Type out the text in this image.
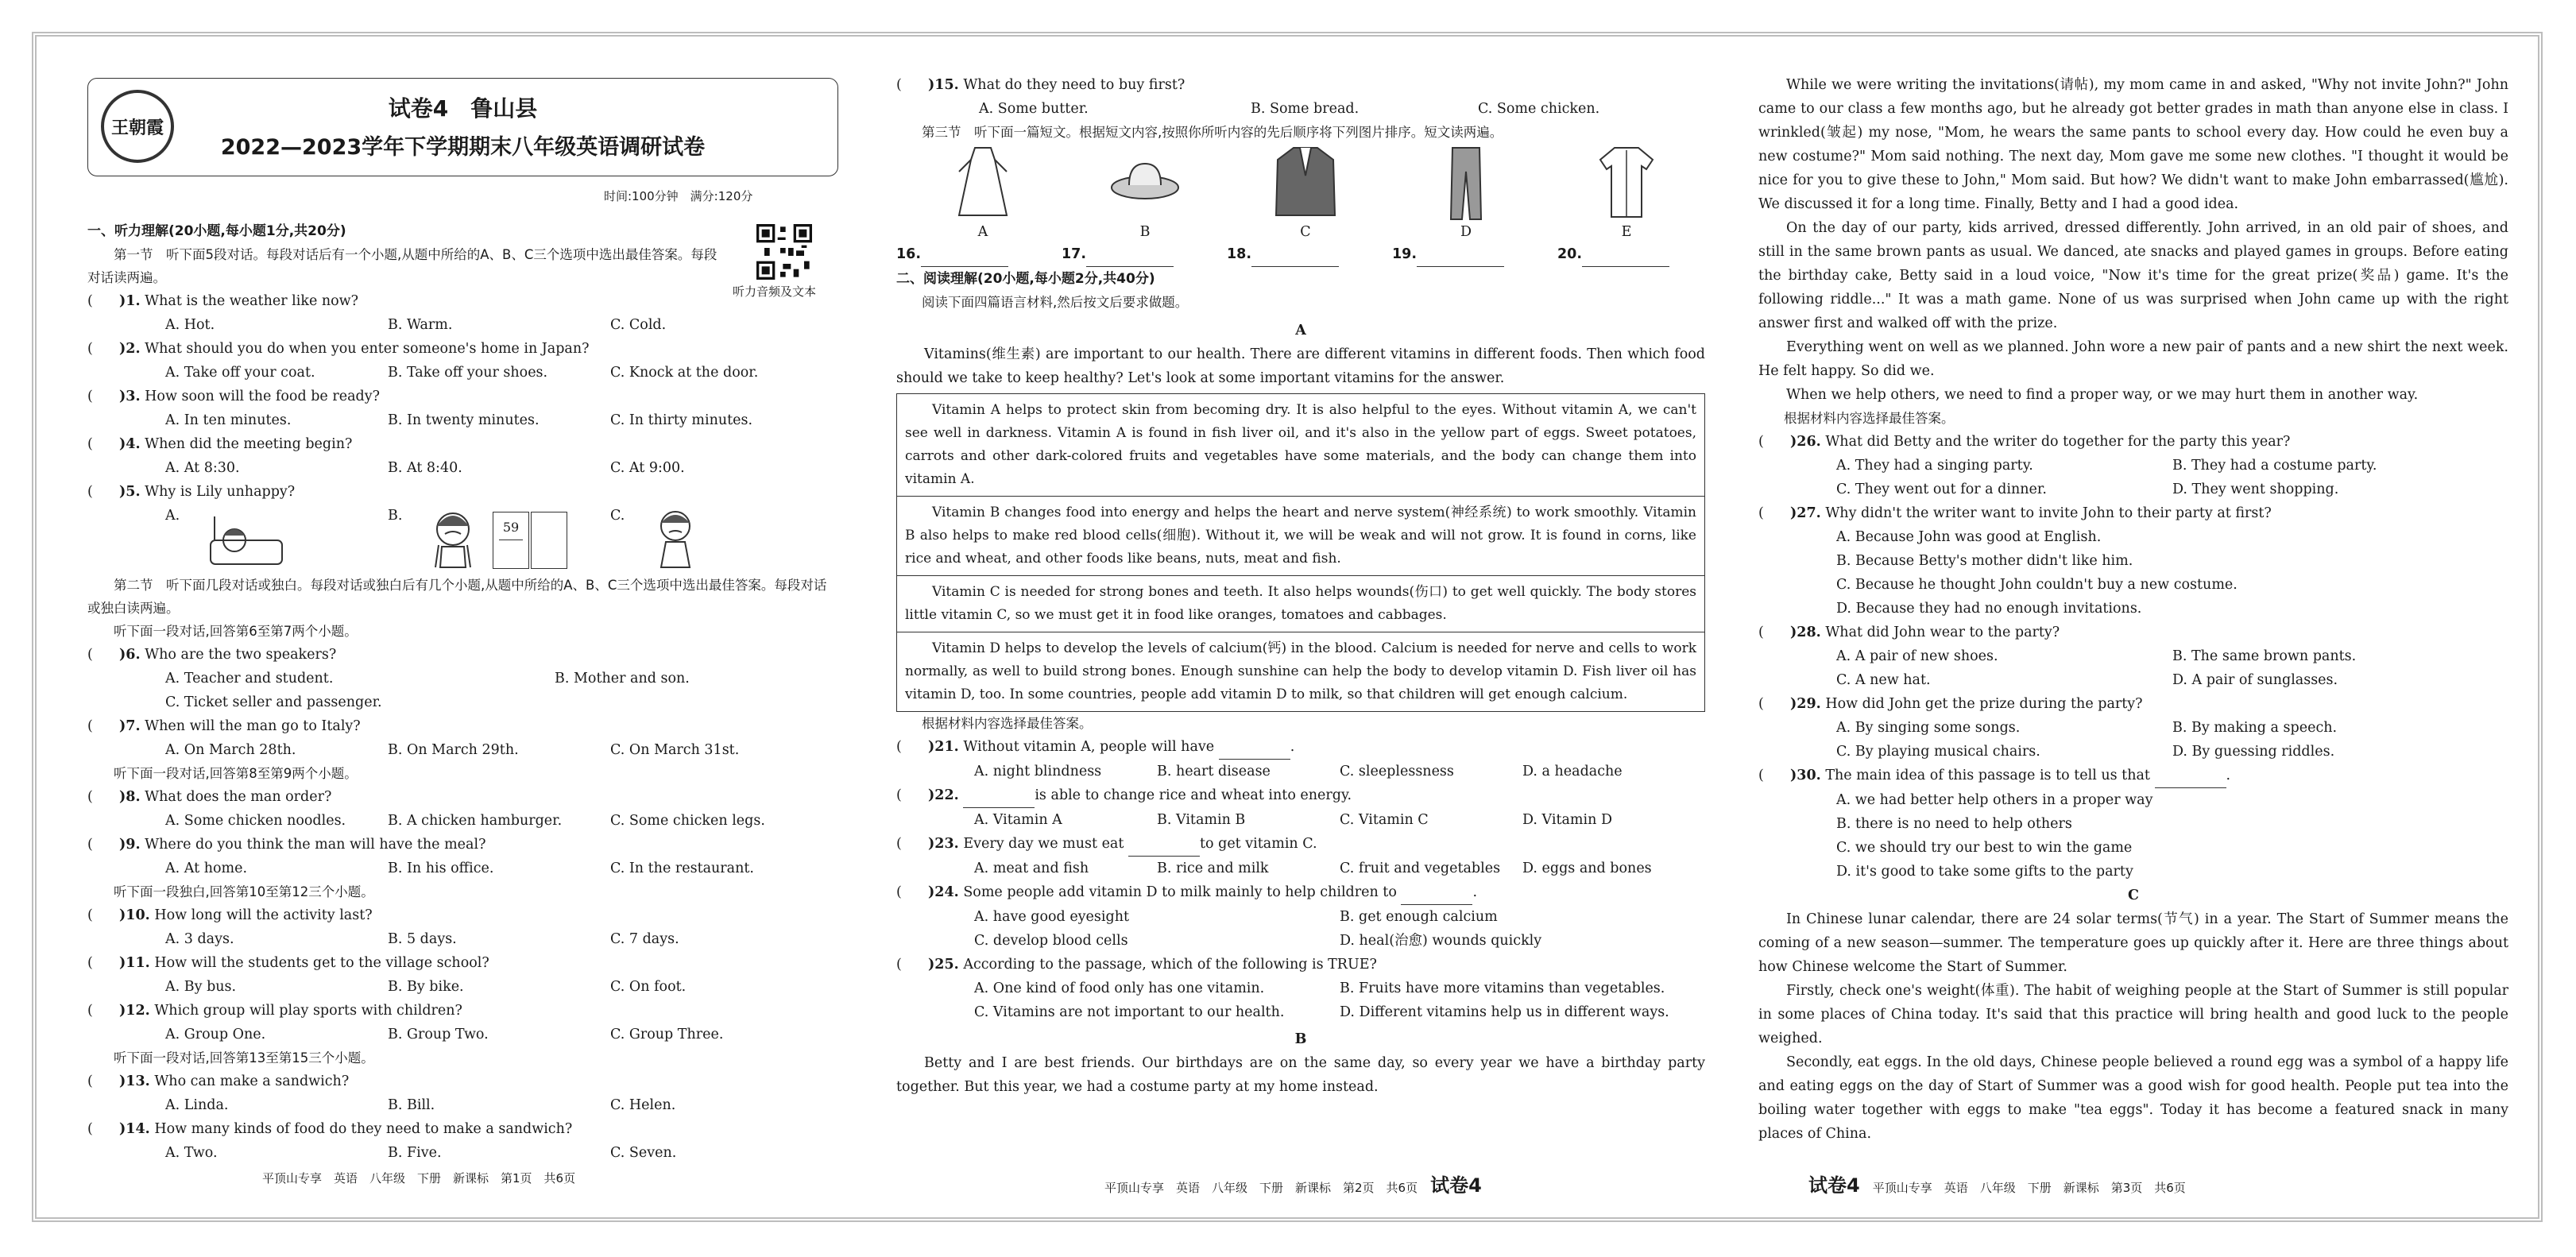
王朝霞
试卷4　鲁山县
2022—2023学年下学期期末八年级英语调研试卷
时间:100分钟　满分:120分
听力音频及文本
一、听力理解(20小题,每小题1分,共20分)
第一节　听下面5段对话。每段对话后有一个小题,从题中所给的A、B、C三个选项中选出最佳答案。每段对话读两遍。
(	)1.
What is the weather like now?
A. Hot.	B. Warm.	C. Cold.
(	)2.
What should you do when you enter someone's home in Japan?
A. Take off your coat.	B. Take off your shoes.	C. Knock at the door.
(	)3.
How soon will the food be ready?
A. In ten minutes.	B. In twenty minutes.	C. In thirty minutes.
(	)4.
When did the meeting begin?
A. At 8:30.	B. At 8:40.	C. At 9:00.
(	)5.
Why is Lily unhappy?
A.	B.
59
C.
第二节　听下面几段对话或独白。每段对话或独白后有几个小题,从题中所给的A、B、C三个选项中选出最佳答案。每段对话或独白读两遍。
听下面一段对话,回答第6至第7两个小题。
(	)6.
Who are the two speakers?
A. Teacher and student.	B. Mother and son.
C. Ticket seller and passenger.
(	)7.
When will the man go to Italy?
A. On March 28th.	B. On March 29th.	C. On March 31st.
听下面一段对话,回答第8至第9两个小题。
(	)8.
What does the man order?
A. Some chicken noodles.	B. A chicken hamburger.	C. Some chicken legs.
(	)9.
Where do you think the man will have the meal?
A. At home.	B. In his office.	C. In the restaurant.
听下面一段独白,回答第10至第12三个小题。
(	)10.
How long will the activity last?
A. 3 days.	B. 5 days.	C. 7 days.
(	)11.
How will the students get to the village school?
A. By bus.	B. By bike.	C. On foot.
(	)12.
Which group will play sports with children?
A. Group One.	B. Group Two.	C. Group Three.
听下面一段对话,回答第13至第15三个小题。
(	)13.
Who can make a sandwich?
A. Linda.	B. Bill.	C. Helen.
(	)14.
How many kinds of food do they need to make a sandwich?
A. Two.	B. Five.	C. Seven.
平顶山专享　英语　八年级　下册　新课标　第1页　共6页
(	)15.
What do they need to buy first?
A. Some butter.	B. Some bread.	C. Some chicken.
第三节　听下面一篇短文。根据短文内容,按照你所听内容的先后顺序将下列图片排序。短文读两遍。
A	B	C	D	E
16.	17.	18.	19.	20.
二、阅读理解(20小题,每小题2分,共40分)
阅读下面四篇语言材料,然后按文后要求做题。
A

Vitamins(维生素) are important to our health. There are different vitamins in different foods. Then which food should we take to keep healthy? Let's look at some important vitamins for the answer.

Vitamin A helps to protect skin from becoming dry. It is also helpful to the eyes. Without vitamin A, we can't see well in darkness. Vitamin A is found in fish liver oil, and it's also in the yellow part of eggs. Sweet potatoes, carrots and other dark-colored fruits and vegetables have some materials, and the body can change them into vitamin A.
Vitamin B changes food into energy and helps the heart and nerve system(神经系统) to work smoothly. Vitamin B also helps to make red blood cells(细胞). Without it, we will be weak and will not grow. It is found in corns, like rice and wheat, and other foods like beans, nuts, meat and fish.
Vitamin C is needed for strong bones and teeth. It also helps wounds(伤口) to get well quickly. The body stores little vitamin C, so we must get it in food like oranges, tomatoes and cabbages.
Vitamin D helps to develop the levels of calcium(钙) in the blood. Calcium is needed for nerve and cells to work normally, as well to build strong bones. Enough sunshine can help the body to develop vitamin D. Fish liver oil has vitamin D, too. In some countries, people add vitamin D to milk, so that children will get enough calcium.
根据材料内容选择最佳答案。
(	)21.
Without vitamin A, people will have

	.
A. night blindness	B. heart disease	C. sleeplessness	D. a headache
(	)22.

	is able to change rice and wheat into energy.
A. Vitamin A	B. Vitamin B	C. Vitamin C	D. Vitamin D
(	)23.
Every day we must eat

	to get vitamin C.
A. meat and fish	B. rice and milk	C. fruit and vegetables	D. eggs and bones
(	)24.
Some people add vitamin D to milk mainly to help children to

	.
A. have good eyesight	B. get enough calcium
C. develop blood cells	D. heal(治愈) wounds quickly
(	)25.
According to the passage, which of the following is TRUE?
A. One kind of food only has one vitamin.	B. Fruits have more vitamins than vegetables.
C. Vitamins are not important to our health.	D. Different vitamins help us in different ways.
B

Betty and I are best friends. Our birthdays are on the same day, so every year we have a birthday party together. But this year, we had a costume party at my home instead.

平顶山专享　英语　八年级　下册　新课标　第2页　共6页 试卷4

While we were writing the invitations(请帖), my mom came in and asked, "Why not invite John?" John came to our class a few months ago, but he already got better grades in math than anyone else in class. I wrinkled(皱起) my nose, "Mom, he wears the same pants to school every day. How could he even buy a new costume?" Mom said nothing. The next day, Mom gave me some new clothes. "I thought it would be nice for you to give these to John," Mom said. But how? We didn't want to make John embarrassed(尴尬). We discussed it for a long time. Finally, Betty and I had a good idea.

On the day of our party, kids arrived, dressed differently. John arrived, in an old pair of shoes, and still in the same brown pants as usual. We danced, ate snacks and played games in groups. Before eating the birthday cake, Betty said in a loud voice, "Now it's time for the great prize(奖品) game. It's the following riddle..." It was a math game. None of us was surprised when John came up with the right answer first and walked off with the prize.

Everything went on well as we planned. John wore a new pair of pants and a new shirt the next week. He felt happy. So did we.

When we help others, we need to find a proper way, or we may hurt them in another way.

根据材料内容选择最佳答案。
(	)26.
What did Betty and the writer do together for the party this year?
A. They had a singing party.	B. They had a costume party.
C. They went out for a dinner.	D. They went shopping.
(	)27.
Why didn't the writer want to invite John to their party at first?
A. Because John was good at English.
B. Because Betty's mother didn't like him.
C. Because he thought John couldn't buy a new costume.
D. Because they had no enough invitations.
(	)28.
What did John wear to the party?
A. A pair of new shoes.	B. The same brown pants.
C. A new hat.	D. A pair of sunglasses.
(	)29.
How did John get the prize during the party?
A. By singing some songs.	B. By making a speech.
C. By playing musical chairs.	D. By guessing riddles.
(	)30.
The main idea of this passage is to tell us that

	.
A. we had better help others in a proper way
B. there is no need to help others
C. we should try our best to win the game
D. it's good to take some gifts to the party
C

In Chinese lunar calendar, there are 24 solar terms(节气) in a year. The Start of Summer means the coming of a new season—summer. The temperature goes up quickly after it. Here are three things about how Chinese welcome the Start of Summer.

Firstly, check one's weight(体重). The habit of weighing people at the Start of Summer is still popular in some places of China today. It's said that this practice will bring health and good luck to the people weighed.

Secondly, eat eggs. In the old days, Chinese people believed a round egg was a symbol of a happy life and eating eggs on the day of Start of Summer was a good wish for good health. People put tea into the boiling water together with eggs to make "tea eggs". Today it has become a featured snack in many places of China.

试卷4 平顶山专享　英语　八年级　下册　新课标　第3页　共6页
